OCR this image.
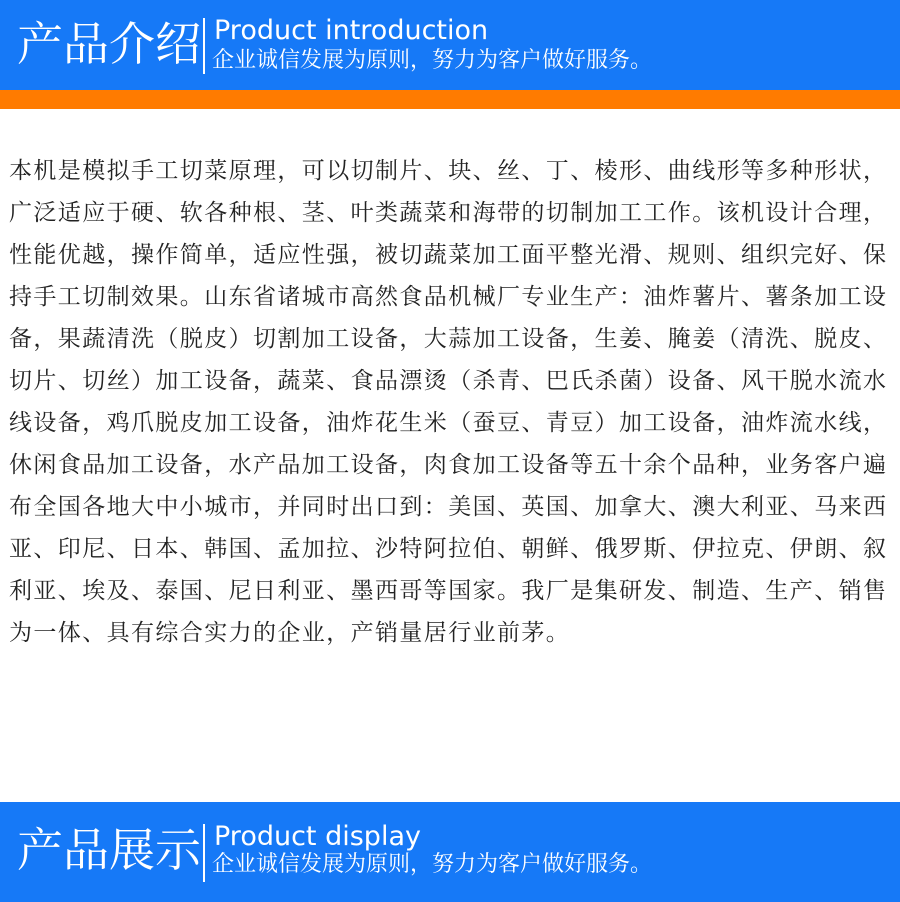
产品介绍 Product introduction
企业诚信发展为原则，努力为客户做好服务。

本机是模拟手工切菜原理，可以切制片、块、丝、丁、棱形、曲线形等多种形状，广泛适应于硬、软各种根、茎、叶类蔬菜和海带的切制加工工作。该机设计合理，性能优越，操作简单，适应性强，被切蔬菜加工面平整光滑、规则、组织完好、保持手工切制效果。山东省诸城市高然食品机械厂专业生产：油炸薯片、薯条加工设备，果蔬清洗（脱皮）切割加工设备，大蒜加工设备，生姜、腌姜（清洗、脱皮、切片、切丝）加工设备，蔬菜、食品漂烫（杀青、巴氏杀菌）设备、风干脱水流水线设备，鸡爪脱皮加工设备，油炸花生米（蚕豆、青豆）加工设备，油炸流水线，休闲食品加工设备，水产品加工设备，肉食加工设备等五十余个品种，业务客户遍布全国各地大中小城市，并同时出口到：美国、英国、加拿大、澳大利亚、马来西亚、印尼、日本、韩国、孟加拉、沙特阿拉伯、朝鲜、俄罗斯、伊拉克、伊朗、叙利亚、埃及、泰国、尼日利亚、墨西哥等国家。我厂是集研发、制造、生产、销售为一体、具有综合实力的企业，产销量居行业前茅。

产品展示 Product display
企业诚信发展为原则，努力为客户做好服务。
